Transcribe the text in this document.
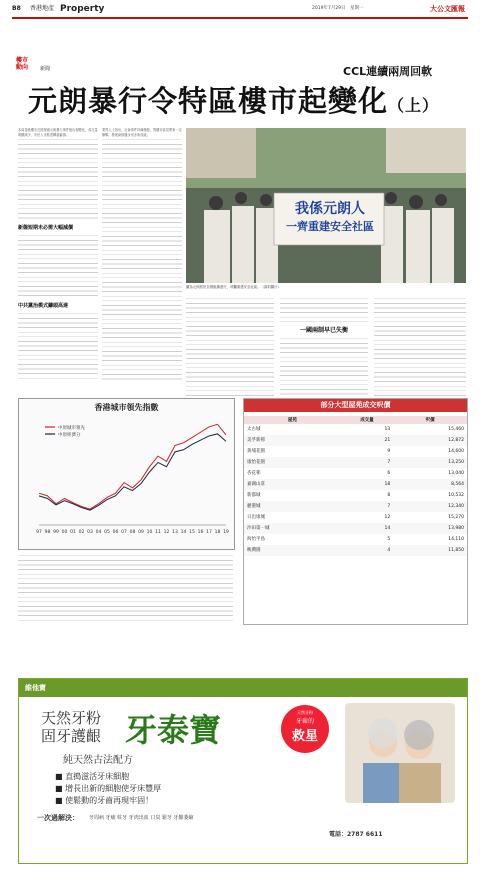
B8 香港地產 Property	2019年7月29日　星期一	大公文匯報
樓市
動向	新聞	CCL連續兩周回軟
元朗暴行令特區樓市起變化（上）
本周香港樓市在經歷過元朗暴力事件後出現變化，成交量明顯減少，市民入市態度轉趨審慎。
新盤短期未必需大幅減價
中共黨治模式鑄頭高達
業界人士指出，社會事件持續發酵，對樓市氣氛帶來一定衝擊，發展商推盤步伐亦會放緩。
我係元朗人
一齊重建安全社區
圖為元朗居民自發組織遊行，呼籲重建安全社區。（資料圖片）
一國兩制早已失衡
香港城市領先指數
97 98 99 00 01 02 03 04 05 06 07 08 09 10 11 12 13 14 15 16 17 18 19
中原城市領先
中原經濟分
部分大型屋苑成交呎價
屋苑	成交量	呎價
太古城	13	15,460
美孚新邨	21	12,872
黃埔花園	9	14,600
康怡花園	7	13,250
杏花邨	6	13,040
嘉湖山莊	18	8,564
新都城	8	10,532
麗港城	7	12,340
日出康城	12	15,270
沙田第一城	14	13,980
海怡半島	5	14,110
映灣園	4	11,850
維他寶
天然牙粉
固牙護齦 牙泰寶
純天然古法配方
天然牙粉
牙齒的
救星
■ 直搗滋活牙床細胞
■ 增長出新的細胞使牙床豐厚
■ 使鬆動的牙齒再現牢固！
一次過解決： 牙周病 牙痛 蛀牙 牙肉出血 口臭 鬆牙 牙齦萎縮
電話：2787 6611
